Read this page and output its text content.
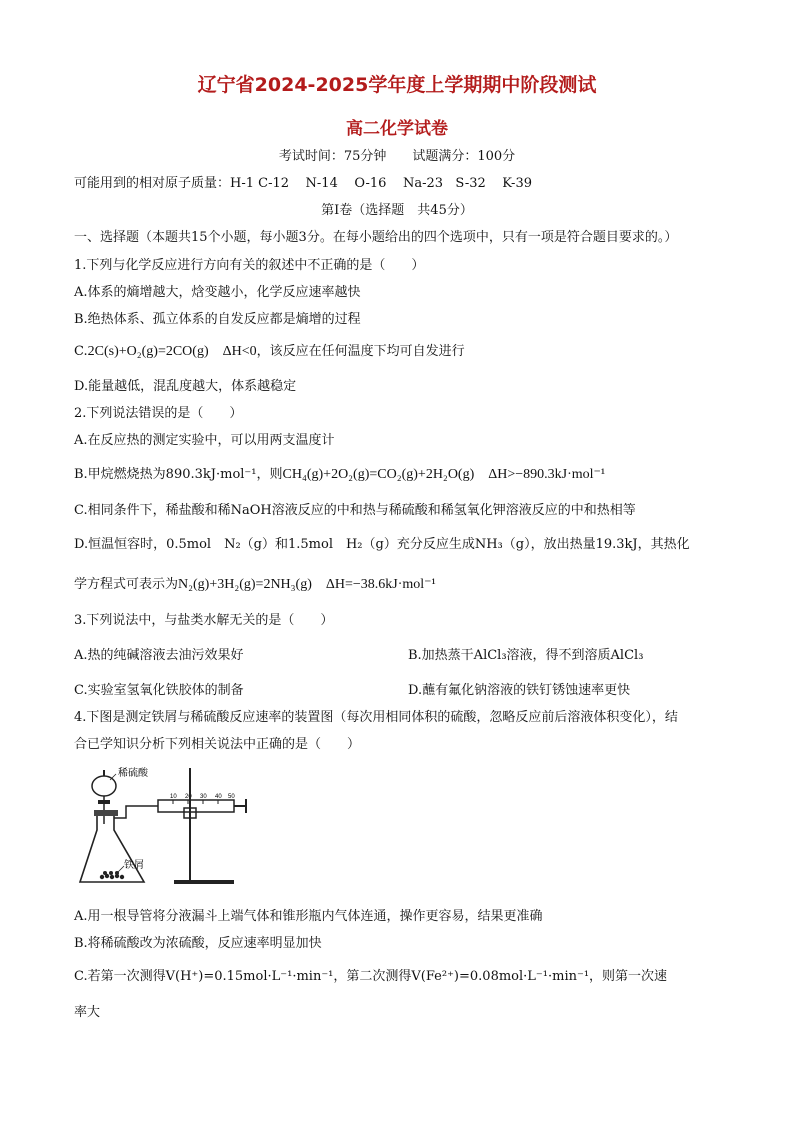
辽宁省2024-2025学年度上学期期中阶段测试
高二化学试卷
考试时间：75分钟 试题满分：100分
可能用到的相对原子质量：H-1 C-12    N-14    O-16    Na-23   S-32    K-39
第Ⅰ卷（选择题　共45分）
一、选择题（本题共15个小题，每小题3分。在每小题给出的四个选项中，只有一项是符合题目要求的。）
1.下列与化学反应进行方向有关的叙述中不正确的是（　　）
A.体系的熵增越大，焓变越小，化学反应速率越快
B.绝热体系、孤立体系的自发反应都是熵增的过程
C.2C(s)+O₂(g)=2CO(g)　ΔH<0，该反应在任何温度下均可自发进行
D.能量越低，混乱度越大，体系越稳定
2.下列说法错误的是（　　）
A.在反应热的测定实验中，可以用两支温度计
B.甲烷燃烧热为890.3kJ·mol⁻¹，则CH₄(g)+2O₂(g)=CO₂(g)+2H₂O(g)　ΔH>−890.3kJ·mol⁻¹
C.相同条件下，稀盐酸和稀NaOH溶液反应的中和热与稀硫酸和稀氢氧化钾溶液反应的中和热相等
D.恒温恒容时，0.5mol　N₂（g）和1.5mol　H₂（g）充分反应生成NH₃（g），放出热量19.3kJ，其热化
学方程式可表示为N₂(g)+3H₂(g)=2NH₃(g)　ΔH=−38.6kJ·mol⁻¹
3.下列说法中，与盐类水解无关的是（　　）
A.热的纯碱溶液去油污效果好	B.加热蒸干AlCl₃溶液，得不到溶质AlCl₃
C.实验室氢氧化铁胶体的制备	D.蘸有氟化钠溶液的铁钉锈蚀速率更快
4.下图是测定铁屑与稀硫酸反应速率的装置图（每次用相同体积的硫酸，忽略反应前后溶液体积变化），结
合已学知识分析下列相关说法中正确的是（　　）
10 20 30 40 50
稀硫酸
铁屑
A.用一根导管将分液漏斗上端气体和锥形瓶内气体连通，操作更容易，结果更准确
B.将稀硫酸改为浓硫酸，反应速率明显加快
C.若第一次测得V(H⁺)=0.15mol·L⁻¹·min⁻¹，第二次测得V(Fe²⁺)=0.08mol·L⁻¹·min⁻¹，则第一次速
率大
